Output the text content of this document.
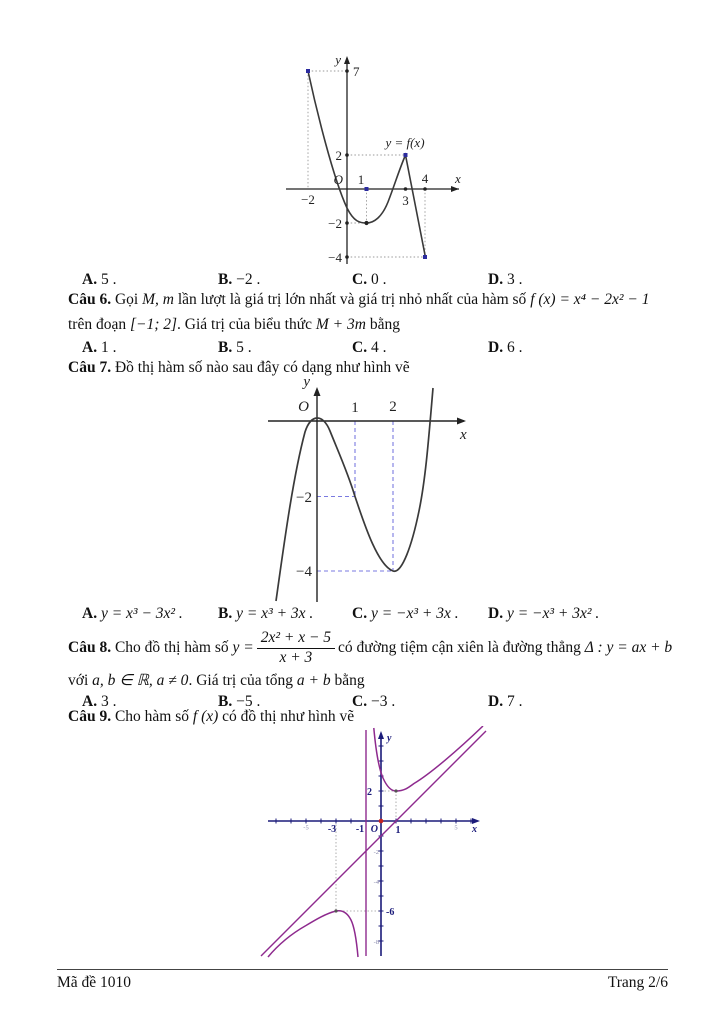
y
7
y = f(x)
2
O 1	4 x
−2	3
−2
−4
A. 5 .	B. −2 .	C. 0 .	D. 3 .
Câu 6. Gọi M, m lần lượt là giá trị lớn nhất và giá trị nhỏ nhất của hàm số f (x) = x⁴ − 2x² − 1
trên đoạn [−1; 2]. Giá trị của biểu thức M + 3m bằng
A. 1 .	B. 5 .	C. 4 .	D. 6 .
Câu 7. Đồ thị hàm số nào sau đây có dạng như hình vẽ
y
O	1 2
x
−2
−4
A. y = x³ − 3x² . B. y = x³ + 3x . C. y = −x³ + 3x . D. y = −x³ + 3x² .
Câu 8. Cho đồ thị hàm số $y = \frac{\text{2x² + x − 5}}{x + 3}$ có đường tiệm cận xiên là đường thẳng Δ : y = ax + b
với a, b ∈ ℝ, a ≠ 0. Giá trị của tổng a + b bằng
A. 3 .	B. −5 .	C. −3 .	D. 7 .
Câu 9. Cho hàm số f (x) có đồ thị như hình vẽ
y
2
-3 -1 O 1	x
-6
-5	5
-2
-4
-8
Mã đề 1010	Trang 2/6
